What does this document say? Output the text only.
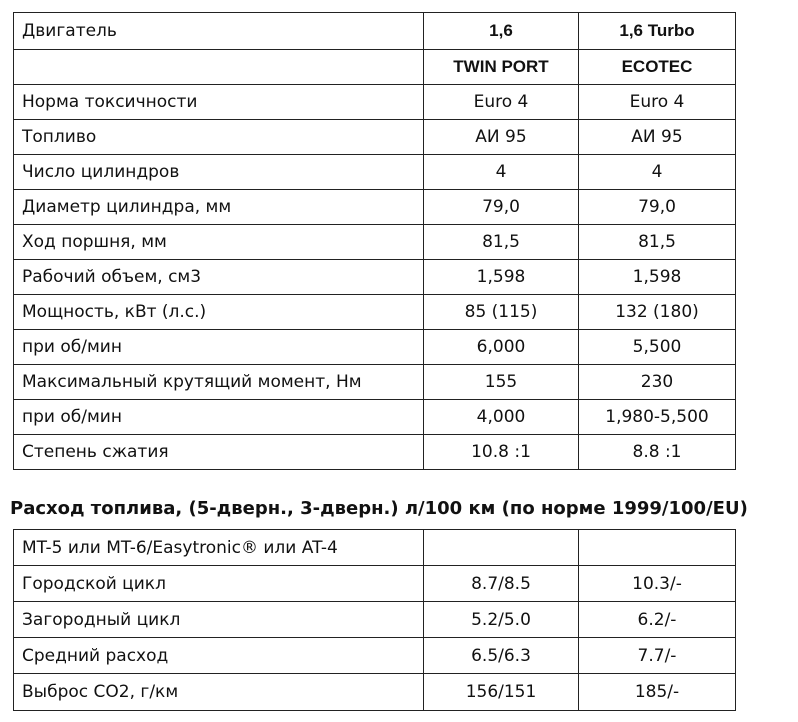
Двигатель	1,6	1,6 Turbo
	TWIN PORT	ECOTEC
Норма токсичности	Euro 4	Euro 4
Топливо	АИ 95	АИ 95
Число цилиндров	4	4
Диаметр цилиндра, мм	79,0	79,0
Ход поршня, мм	81,5	81,5
Рабочий объем, см3	1,598	1,598
Мощность, кВт (л.с.)	85 (115)	132 (180)
при об/мин	6,000	5,500
Максимальный крутящий момент, Нм	155	230
при об/мин	4,000	1,980-5,500
Степень сжатия	10.8 :1	8.8 :1
Расход топлива, (5-дверн., 3-дверн.) л/100 км (по норме 1999/100/EU)
MT-5 или MT-6/Easytronic® или AT-4		
Городской цикл	8.7/8.5	10.3/-
Загородный цикл	5.2/5.0	6.2/-
Средний расход	6.5/6.3	7.7/-
Выброс CO2, г/км	156/151	185/-
